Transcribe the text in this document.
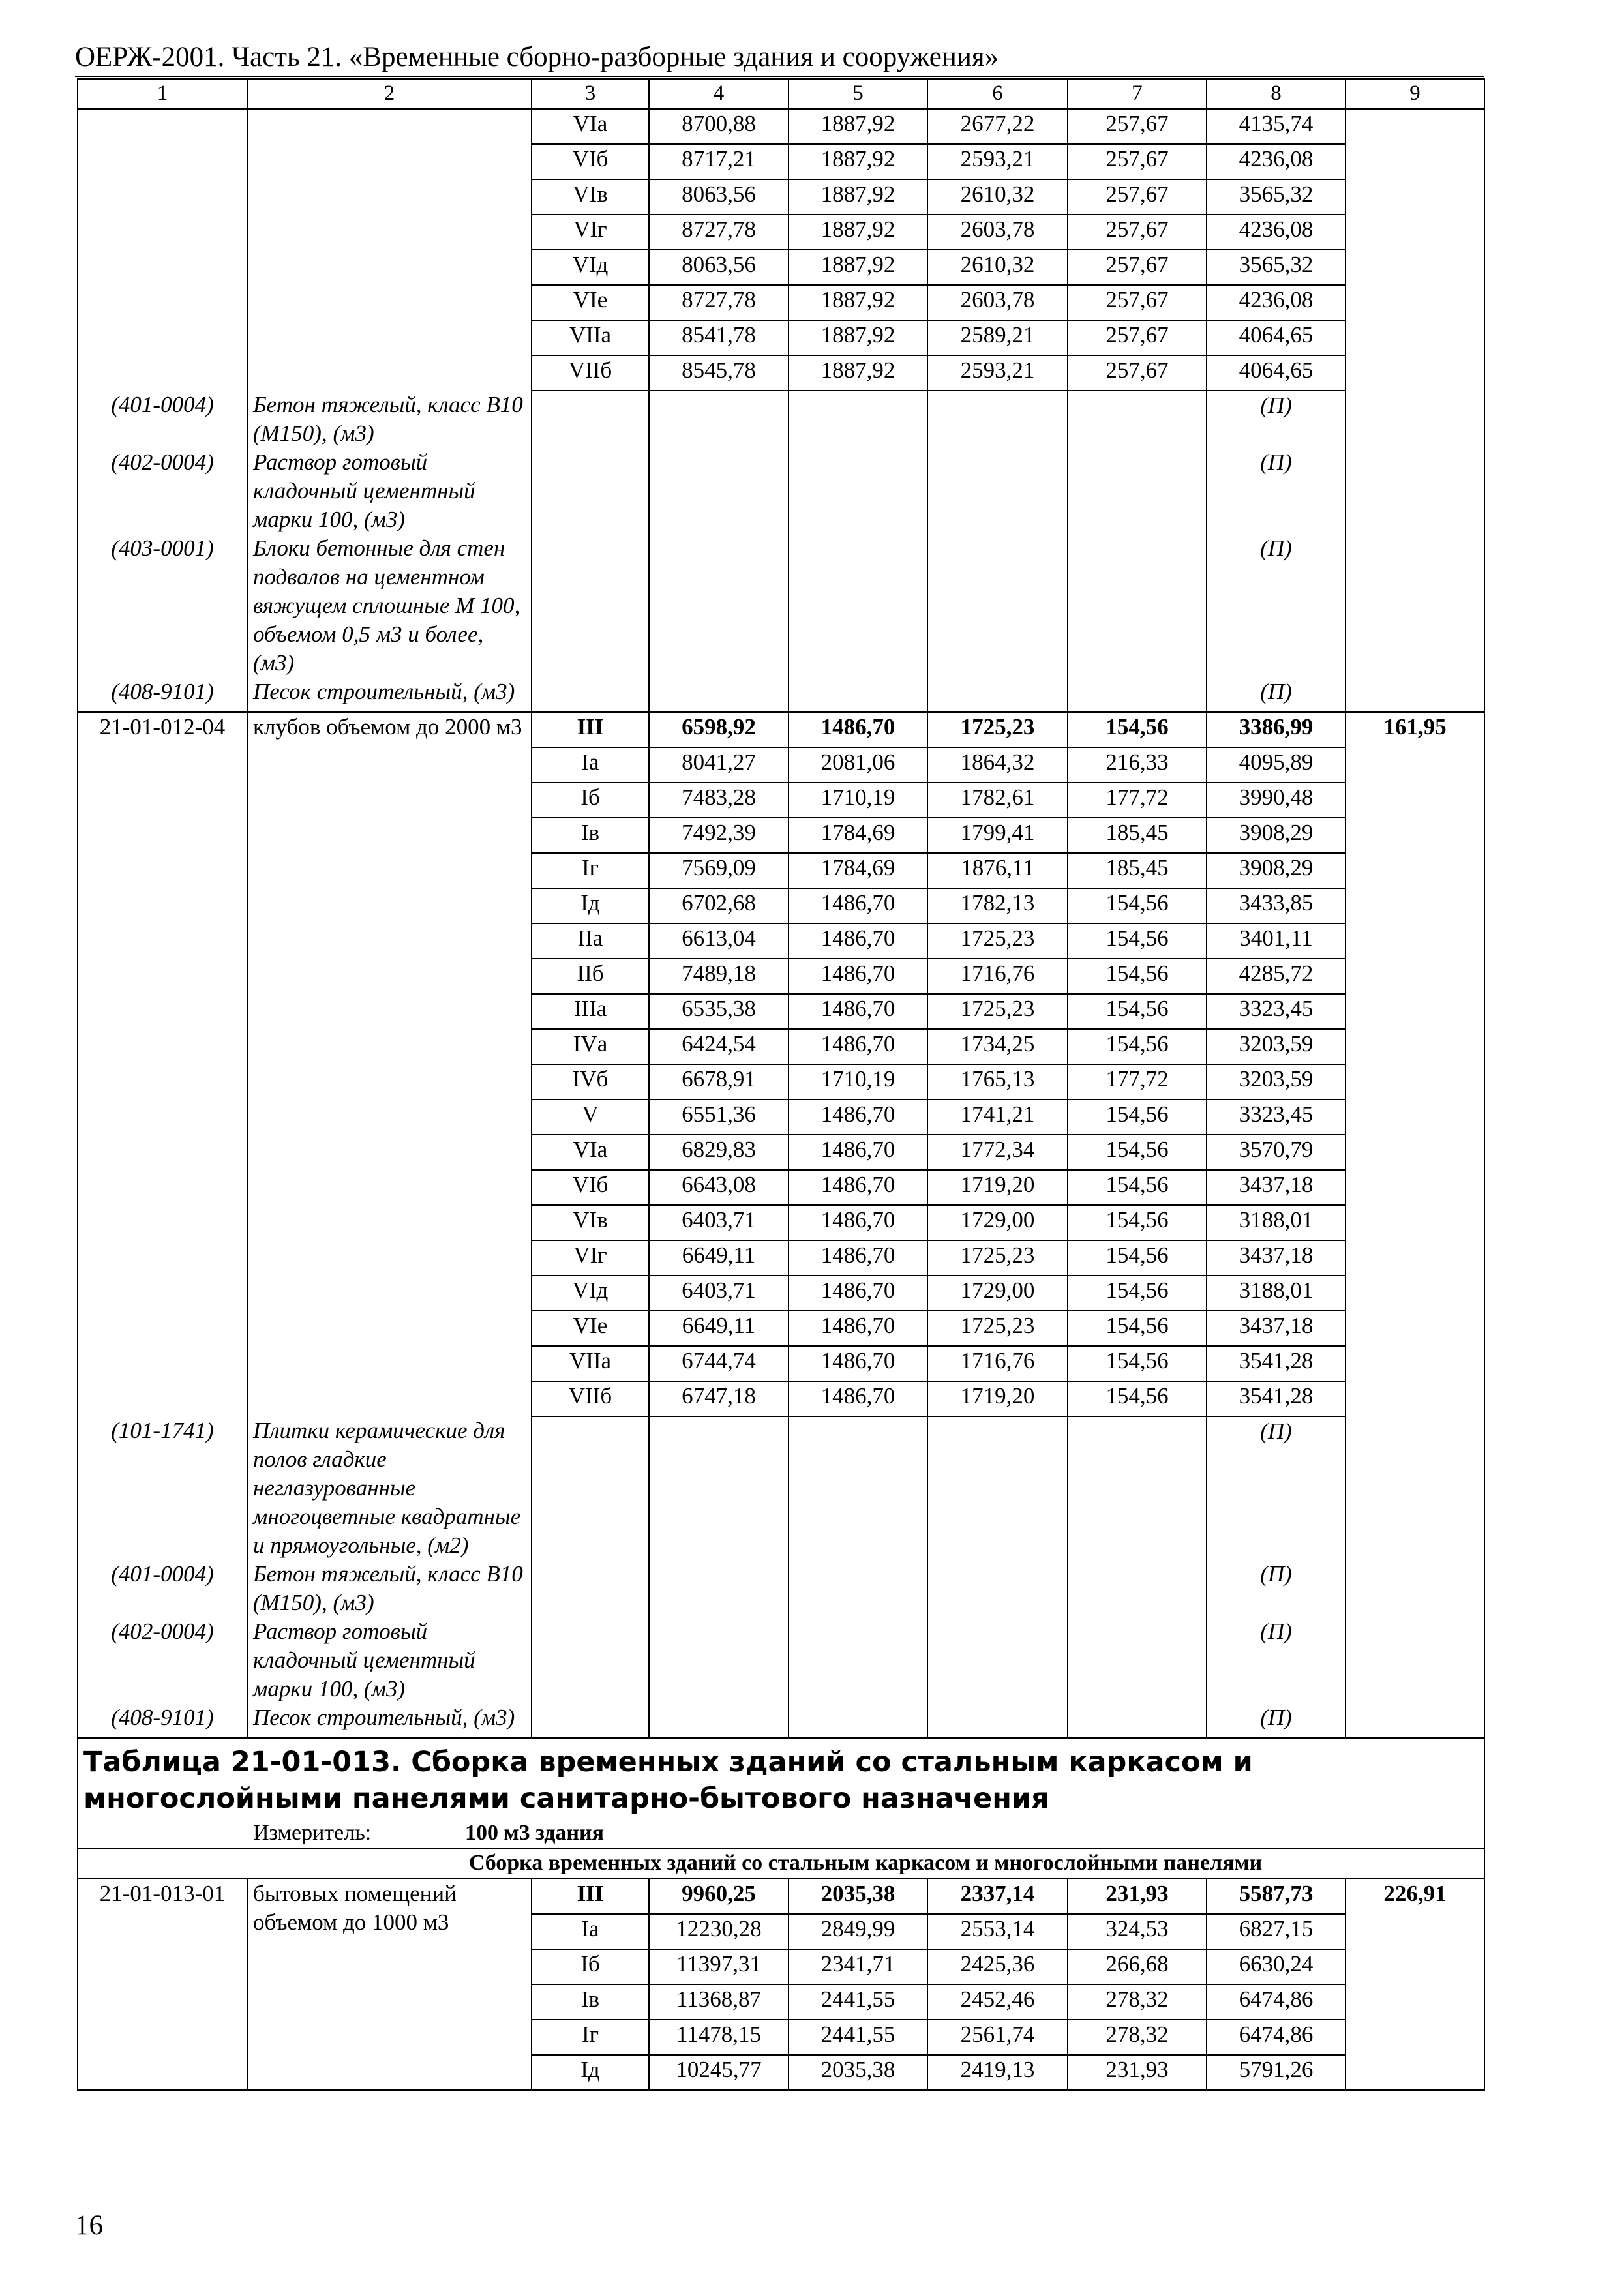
ОЕРЖ-2001. Часть 21. «Временные сборно-разборные здания и сооружения»
1	2	3	4	5	6	7	8	9
		VIа	8700,88	1887,92	2677,22	257,67	4135,74	
		VIб	8717,21	1887,92	2593,21	257,67	4236,08	
		VIв	8063,56	1887,92	2610,32	257,67	3565,32	
		VIг	8727,78	1887,92	2603,78	257,67	4236,08	
		VIд	8063,56	1887,92	2610,32	257,67	3565,32	
		VIе	8727,78	1887,92	2603,78	257,67	4236,08	
		VIIа	8541,78	1887,92	2589,21	257,67	4064,65	
		VIIб	8545,78	1887,92	2593,21	257,67	4064,65	
(401-0004)	Бетон тяжелый, класс В10 (М150), (м3)						(П)	
(402-0004)	Раствор готовый кладочный цементный марки 100, (м3)						(П)	
(403-0001)	Блоки бетонные для стен подвалов на цементном вяжущем сплошные М 100, объемом 0,5 м3 и более, (м3)						(П)	
(408-9101)	Песок строительный, (м3)						(П)	
21-01-012-04	клубов объемом до 2000 м3	III	6598,92	1486,70	1725,23	154,56	3386,99	161,95
		Iа	8041,27	2081,06	1864,32	216,33	4095,89	
		Iб	7483,28	1710,19	1782,61	177,72	3990,48	
		Iв	7492,39	1784,69	1799,41	185,45	3908,29	
		Iг	7569,09	1784,69	1876,11	185,45	3908,29	
		Iд	6702,68	1486,70	1782,13	154,56	3433,85	
		IIа	6613,04	1486,70	1725,23	154,56	3401,11	
		IIб	7489,18	1486,70	1716,76	154,56	4285,72	
		IIIа	6535,38	1486,70	1725,23	154,56	3323,45	
		IVа	6424,54	1486,70	1734,25	154,56	3203,59	
		IVб	6678,91	1710,19	1765,13	177,72	3203,59	
		V	6551,36	1486,70	1741,21	154,56	3323,45	
		VIа	6829,83	1486,70	1772,34	154,56	3570,79	
		VIб	6643,08	1486,70	1719,20	154,56	3437,18	
		VIв	6403,71	1486,70	1729,00	154,56	3188,01	
		VIг	6649,11	1486,70	1725,23	154,56	3437,18	
		VIд	6403,71	1486,70	1729,00	154,56	3188,01	
		VIе	6649,11	1486,70	1725,23	154,56	3437,18	
		VIIа	6744,74	1486,70	1716,76	154,56	3541,28	
		VIIб	6747,18	1486,70	1719,20	154,56	3541,28	
(101-1741)	Плитки керамические для полов гладкие неглазурованные многоцветные квадратные и прямоугольные, (м2)						(П)	
(401-0004)	Бетон тяжелый, класс В10 (М150), (м3)						(П)	
(402-0004)	Раствор готовый кладочный цементный марки 100, (м3)						(П)	
(408-9101)	Песок строительный, (м3)						(П)	
Таблица 21-01-013. Сборка временных зданий со стальным каркасом и многослойными панелями санитарно-бытового назначения								
Измеритель: 100 м3 здания								
	Сборка временных зданий со стальным каркасом и многослойными панелями							
21-01-013-01	бытовых помещений объемом до 1000 м3	III	9960,25	2035,38	2337,14	231,93	5587,73	226,91
		Iа	12230,28	2849,99	2553,14	324,53	6827,15	
		Iб	11397,31	2341,71	2425,36	266,68	6630,24	
		Iв	11368,87	2441,55	2452,46	278,32	6474,86	
		Iг	11478,15	2441,55	2561,74	278,32	6474,86	
		Iд	10245,77	2035,38	2419,13	231,93	5791,26	
16
